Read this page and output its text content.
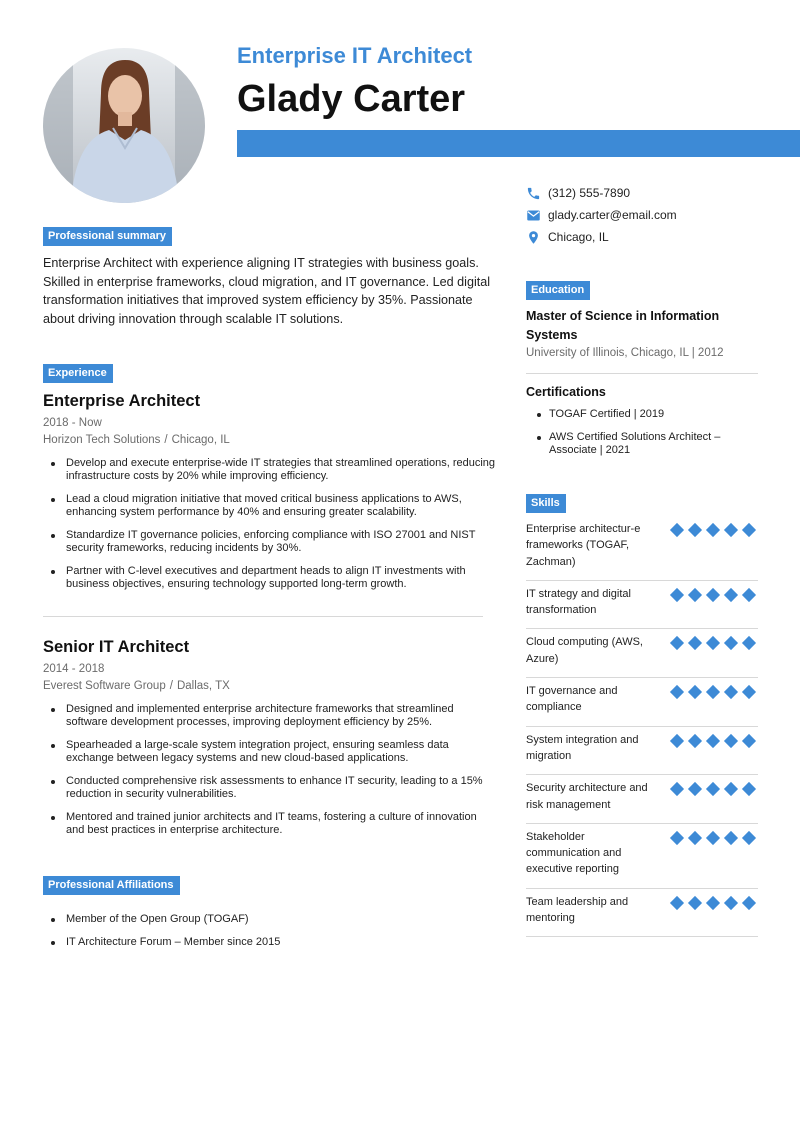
Enterprise IT Architect
Glady Carter
(312) 555-7890
glady.carter@email.com
Chicago, IL
Professional summary
Enterprise Architect with experience aligning IT strategies with business goals. Skilled in enterprise frameworks, cloud migration, and IT governance. Led digital transformation initiatives that improved system efficiency by 35%. Passionate about driving innovation through scalable IT solutions.
Experience
Enterprise Architect
2018 - Now
Horizon Tech Solutions / Chicago, IL
Develop and execute enterprise-wide IT strategies that streamlined operations, reducing infrastructure costs by 20% while improving efficiency.
Lead a cloud migration initiative that moved critical business applications to AWS, enhancing system performance by 40% and ensuring greater scalability.
Standardize IT governance policies, enforcing compliance with ISO 27001 and NIST security frameworks, reducing incidents by 30%.
Partner with C-level executives and department heads to align IT investments with business objectives, ensuring technology supported long-term growth.
Senior IT Architect
2014 - 2018
Everest Software Group / Dallas, TX
Designed and implemented enterprise architecture frameworks that streamlined software development processes, improving deployment efficiency by 25%.
Spearheaded a large-scale system integration project, ensuring seamless data exchange between legacy systems and new cloud-based applications.
Conducted comprehensive risk assessments to enhance IT security, leading to a 15% reduction in security vulnerabilities.
Mentored and trained junior architects and IT teams, fostering a culture of innovation and best practices in enterprise architecture.
Professional Affiliations
Member of the Open Group (TOGAF)
IT Architecture Forum – Member since 2015
Education
Master of Science in Information Systems
University of Illinois, Chicago, IL | 2012
Certifications
TOGAF Certified | 2019
AWS Certified Solutions Architect – Associate | 2021
Skills
Enterprise architectur-e frameworks (TOGAF, Zachman)
IT strategy and digital transformation
Cloud computing (AWS, Azure)
IT governance and compliance
System integration and migration
Security architecture and risk management
Stakeholder communication and executive reporting
Team leadership and mentoring
